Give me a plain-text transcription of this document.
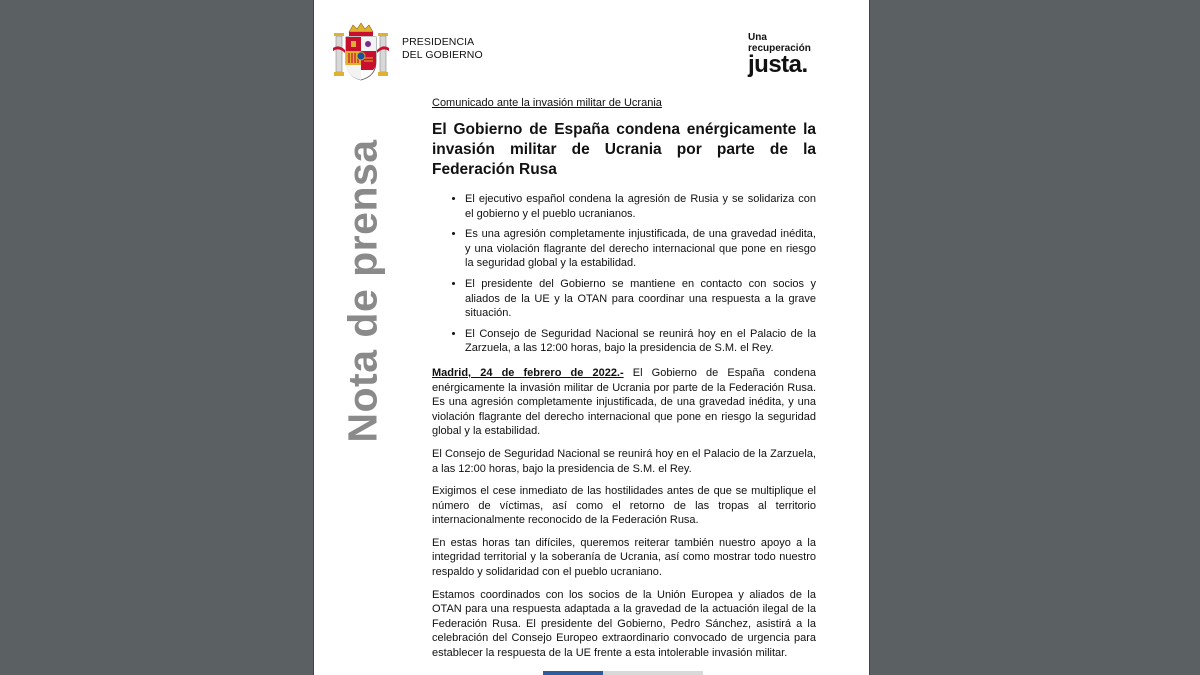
PRESIDENCIA
DEL GOBIERNO
Una
recuperación
justa.
Nota de prensa
Comunicado ante la invasión militar de Ucrania
El Gobierno de España condena enérgicamente la invasión militar de Ucrania por parte de la Federación Rusa
• El ejecutivo español condena la agresión de Rusia y se solidariza con el gobierno y el pueblo ucranianos.
• Es una agresión completamente injustificada, de una gravedad inédita, y una violación flagrante del derecho internacional que pone en riesgo la seguridad global y la estabilidad.
• El presidente del Gobierno se mantiene en contacto con socios y aliados de la UE y la OTAN para coordinar una respuesta a la grave situación.
• El Consejo de Seguridad Nacional se reunirá hoy en el Palacio de la Zarzuela, a las 12:00 horas, bajo la presidencia de S.M. el Rey.
Madrid, 24 de febrero de 2022.- El Gobierno de España condena enérgicamente la invasión militar de Ucrania por parte de la Federación Rusa. Es una agresión completamente injustificada, de una gravedad inédita, y una violación flagrante del derecho internacional que pone en riesgo la seguridad global y la estabilidad.
El Consejo de Seguridad Nacional se reunirá hoy en el Palacio de la Zarzuela, a las 12:00 horas, bajo la presidencia de S.M. el Rey.
Exigimos el cese inmediato de las hostilidades antes de que se multiplique el número de víctimas, así como el retorno de las tropas al territorio internacionalmente reconocido de la Federación Rusa.
En estas horas tan difíciles, queremos reiterar también nuestro apoyo a la integridad territorial y la soberanía de Ucrania, así como mostrar todo nuestro respaldo y solidaridad con el pueblo ucraniano.
Estamos coordinados con los socios de la Unión Europea y aliados de la OTAN para una respuesta adaptada a la gravedad de la actuación ilegal de la Federación Rusa. El presidente del Gobierno, Pedro Sánchez, asistirá a la celebración del Consejo Europeo extraordinario convocado de urgencia para establecer la respuesta de la UE frente a esta intolerable invasión militar.
